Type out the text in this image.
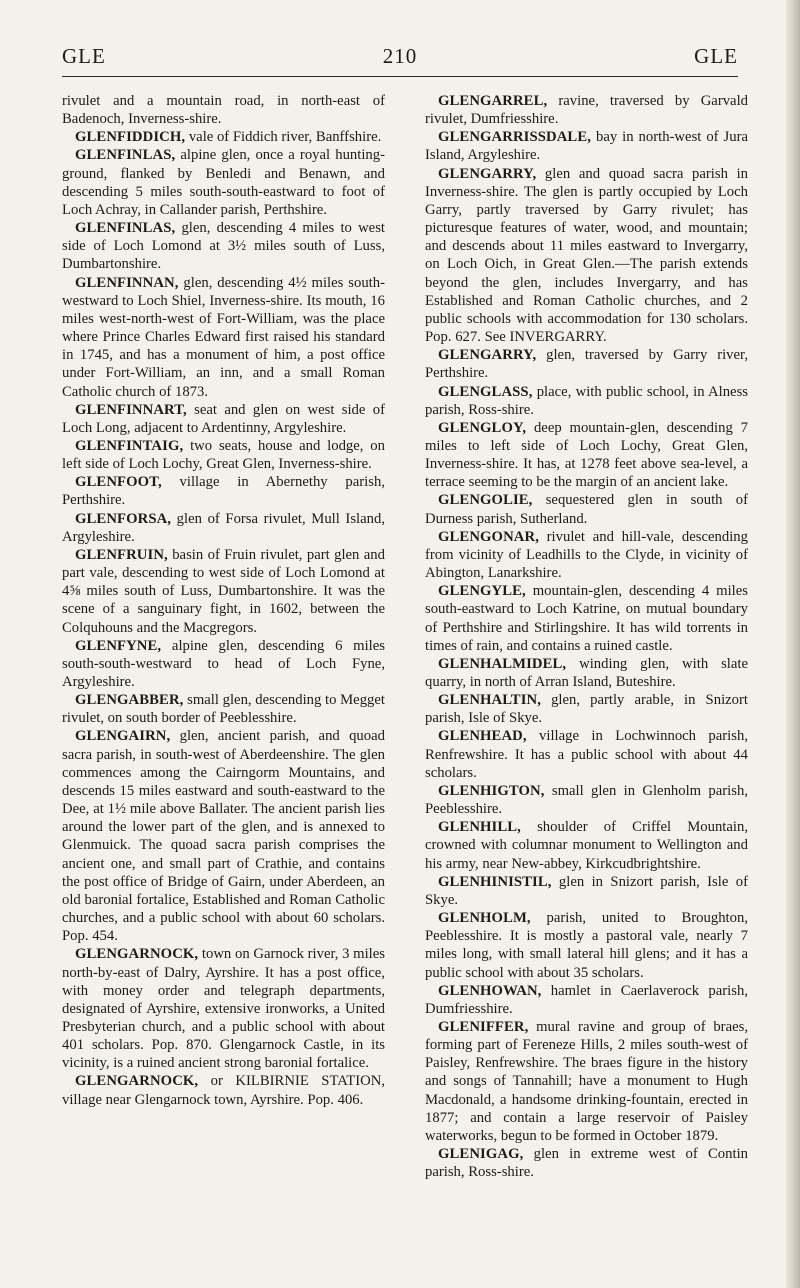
GLE	210	GLE

rivulet and a mountain road, in north-east of Badenoch, Inverness-shire.

GLENFIDDICH, vale of Fiddich river, Banffshire.

GLENFINLAS, alpine glen, once a royal hunting-ground, flanked by Benledi and Benawn, and descending 5 miles south-south-eastward to foot of Loch Achray, in Callander parish, Perthshire.

GLENFINLAS, glen, descending 4 miles to west side of Loch Lomond at 3½ miles south of Luss, Dumbartonshire.

GLENFINNAN, glen, descending 4½ miles south-westward to Loch Shiel, Inverness-shire. Its mouth, 16 miles west-north-west of Fort-William, was the place where Prince Charles Edward first raised his standard in 1745, and has a monument of him, a post office under Fort-William, an inn, and a small Roman Catholic church of 1873.

GLENFINNART, seat and glen on west side of Loch Long, adjacent to Ardentinny, Argyleshire.

GLENFINTAIG, two seats, house and lodge, on left side of Loch Lochy, Great Glen, Inverness-shire.

GLENFOOT, village in Abernethy parish, Perthshire.

GLENFORSA, glen of Forsa rivulet, Mull Island, Argyleshire.

GLENFRUIN, basin of Fruin rivulet, part glen and part vale, descending to west side of Loch Lomond at 4⅝ miles south of Luss, Dumbartonshire. It was the scene of a sanguinary fight, in 1602, between the Colquhouns and the Macgregors.

GLENFYNE, alpine glen, descending 6 miles south-south-westward to head of Loch Fyne, Argyleshire.

GLENGABBER, small glen, descending to Megget rivulet, on south border of Peeblesshire.

GLENGAIRN, glen, ancient parish, and quoad sacra parish, in south-west of Aberdeenshire. The glen commences among the Cairngorm Mountains, and descends 15 miles eastward and south-eastward to the Dee, at 1½ mile above Ballater. The ancient parish lies around the lower part of the glen, and is annexed to Glenmuick. The quoad sacra parish comprises the ancient one, and small part of Crathie, and contains the post office of Bridge of Gairn, under Aberdeen, an old baronial fortalice, Established and Roman Catholic churches, and a public school with about 60 scholars. Pop. 454.

GLENGARNOCK, town on Garnock river, 3 miles north-by-east of Dalry, Ayrshire. It has a post office, with money order and telegraph departments, designated of Ayrshire, extensive ironworks, a United Presbyterian church, and a public school with about 401 scholars. Pop. 870. Glengarnock Castle, in its vicinity, is a ruined ancient strong baronial fortalice.

GLENGARNOCK, or KILBIRNIE STATION, village near Glengarnock town, Ayrshire. Pop. 406.

GLENGARREL, ravine, traversed by Garvald rivulet, Dumfriesshire.

GLENGARRISSDALE, bay in north-west of Jura Island, Argyleshire.

GLENGARRY, glen and quoad sacra parish in Inverness-shire. The glen is partly occupied by Loch Garry, partly traversed by Garry rivulet; has picturesque features of water, wood, and mountain; and descends about 11 miles eastward to Invergarry, on Loch Oich, in Great Glen.—The parish extends beyond the glen, includes Invergarry, and has Established and Roman Catholic churches, and 2 public schools with accommodation for 130 scholars. Pop. 627. See INVERGARRY.

GLENGARRY, glen, traversed by Garry river, Perthshire.

GLENGLASS, place, with public school, in Alness parish, Ross-shire.

GLENGLOY, deep mountain-glen, descending 7 miles to left side of Loch Lochy, Great Glen, Inverness-shire. It has, at 1278 feet above sea-level, a terrace seeming to be the margin of an ancient lake.

GLENGOLIE, sequestered glen in south of Durness parish, Sutherland.

GLENGONAR, rivulet and hill-vale, descending from vicinity of Leadhills to the Clyde, in vicinity of Abington, Lanarkshire.

GLENGYLE, mountain-glen, descending 4 miles south-eastward to Loch Katrine, on mutual boundary of Perthshire and Stirlingshire. It has wild torrents in times of rain, and contains a ruined castle.

GLENHALMIDEL, winding glen, with slate quarry, in north of Arran Island, Buteshire.

GLENHALTIN, glen, partly arable, in Snizort parish, Isle of Skye.

GLENHEAD, village in Lochwinnoch parish, Renfrewshire. It has a public school with about 44 scholars.

GLENHIGTON, small glen in Glenholm parish, Peeblesshire.

GLENHILL, shoulder of Criffel Mountain, crowned with columnar monument to Wellington and his army, near New-abbey, Kirkcudbrightshire.

GLENHINISTIL, glen in Snizort parish, Isle of Skye.

GLENHOLM, parish, united to Broughton, Peeblesshire. It is mostly a pastoral vale, nearly 7 miles long, with small lateral hill glens; and it has a public school with about 35 scholars.

GLENHOWAN, hamlet in Caerlaverock parish, Dumfriesshire.

GLENIFFER, mural ravine and group of braes, forming part of Fereneze Hills, 2 miles south-west of Paisley, Renfrewshire. The braes figure in the history and songs of Tannahill; have a monument to Hugh Macdonald, a handsome drinking-fountain, erected in 1877; and contain a large reservoir of Paisley waterworks, begun to be formed in October 1879.

GLENIGAG, glen in extreme west of Contin parish, Ross-shire.
